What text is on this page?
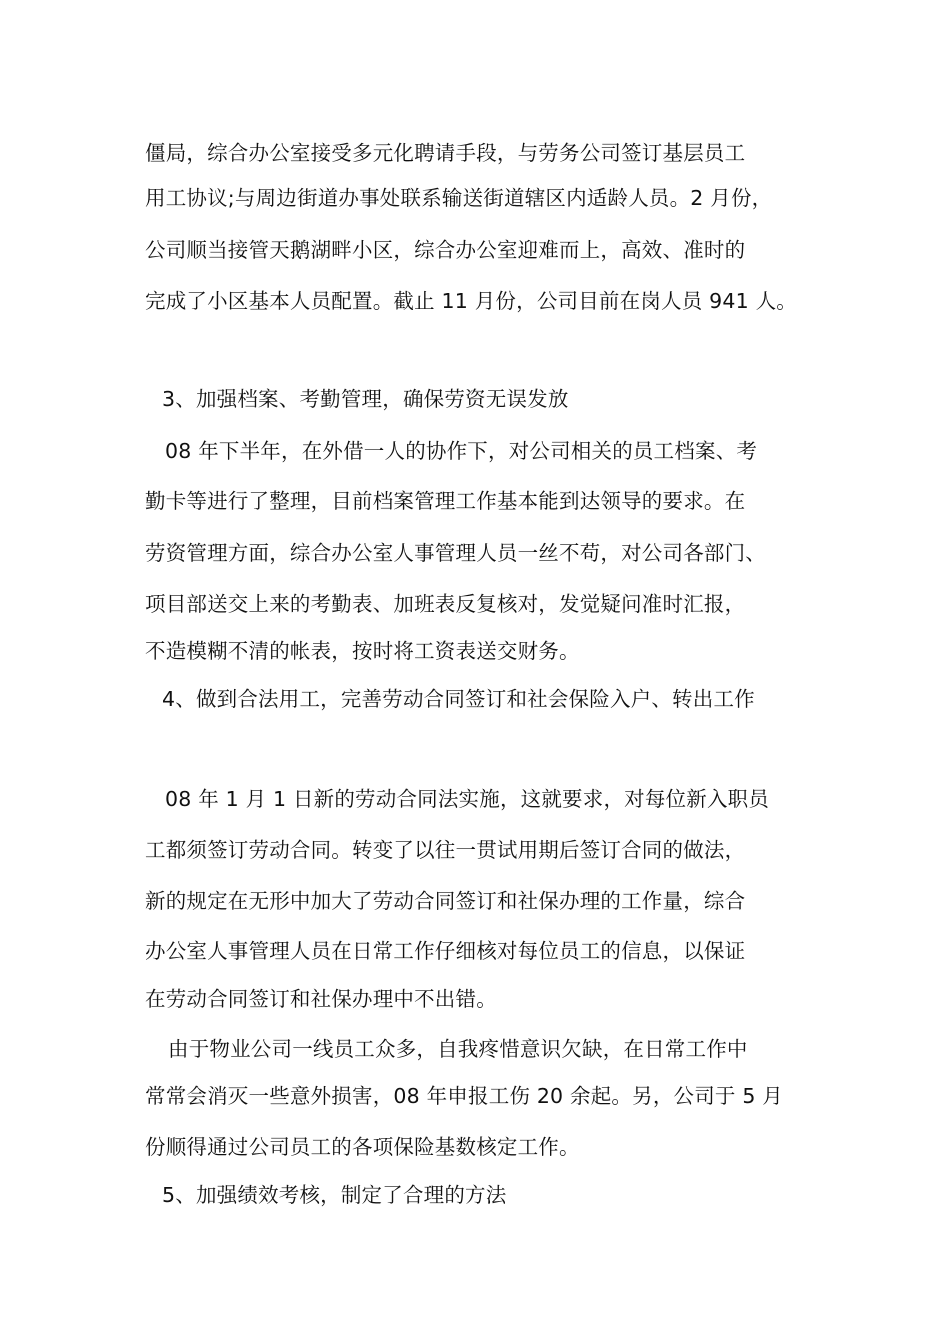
僵局，综合办公室接受多元化聘请手段，与劳务公司签订基层员工
用工协议;与周边街道办事处联系输送街道辖区内适龄人员。2 月份，
公司顺当接管天鹅湖畔小区，综合办公室迎难而上，高效、准时的
完成了小区基本人员配置。截止 11 月份，公司目前在岗人员 941 人。
3、加强档案、考勤管理，确保劳资无误发放
08 年下半年，在外借一人的协作下，对公司相关的员工档案、考
勤卡等进行了整理，目前档案管理工作基本能到达领导的要求。在
劳资管理方面，综合办公室人事管理人员一丝不苟，对公司各部门、
项目部送交上来的考勤表、加班表反复核对，发觉疑问准时汇报，
不造模糊不清的帐表，按时将工资表送交财务。
4、做到合法用工，完善劳动合同签订和社会保险入户、转出工作
08 年 1 月 1 日新的劳动合同法实施，这就要求，对每位新入职员
工都须签订劳动合同。转变了以往一贯试用期后签订合同的做法，
新的规定在无形中加大了劳动合同签订和社保办理的工作量，综合
办公室人事管理人员在日常工作仔细核对每位员工的信息，以保证
在劳动合同签订和社保办理中不出错。
由于物业公司一线员工众多，自我疼惜意识欠缺，在日常工作中
常常会消灭一些意外损害，08 年申报工伤 20 余起。另，公司于 5 月
份顺得通过公司员工的各项保险基数核定工作。
5、加强绩效考核，制定了合理的方法
